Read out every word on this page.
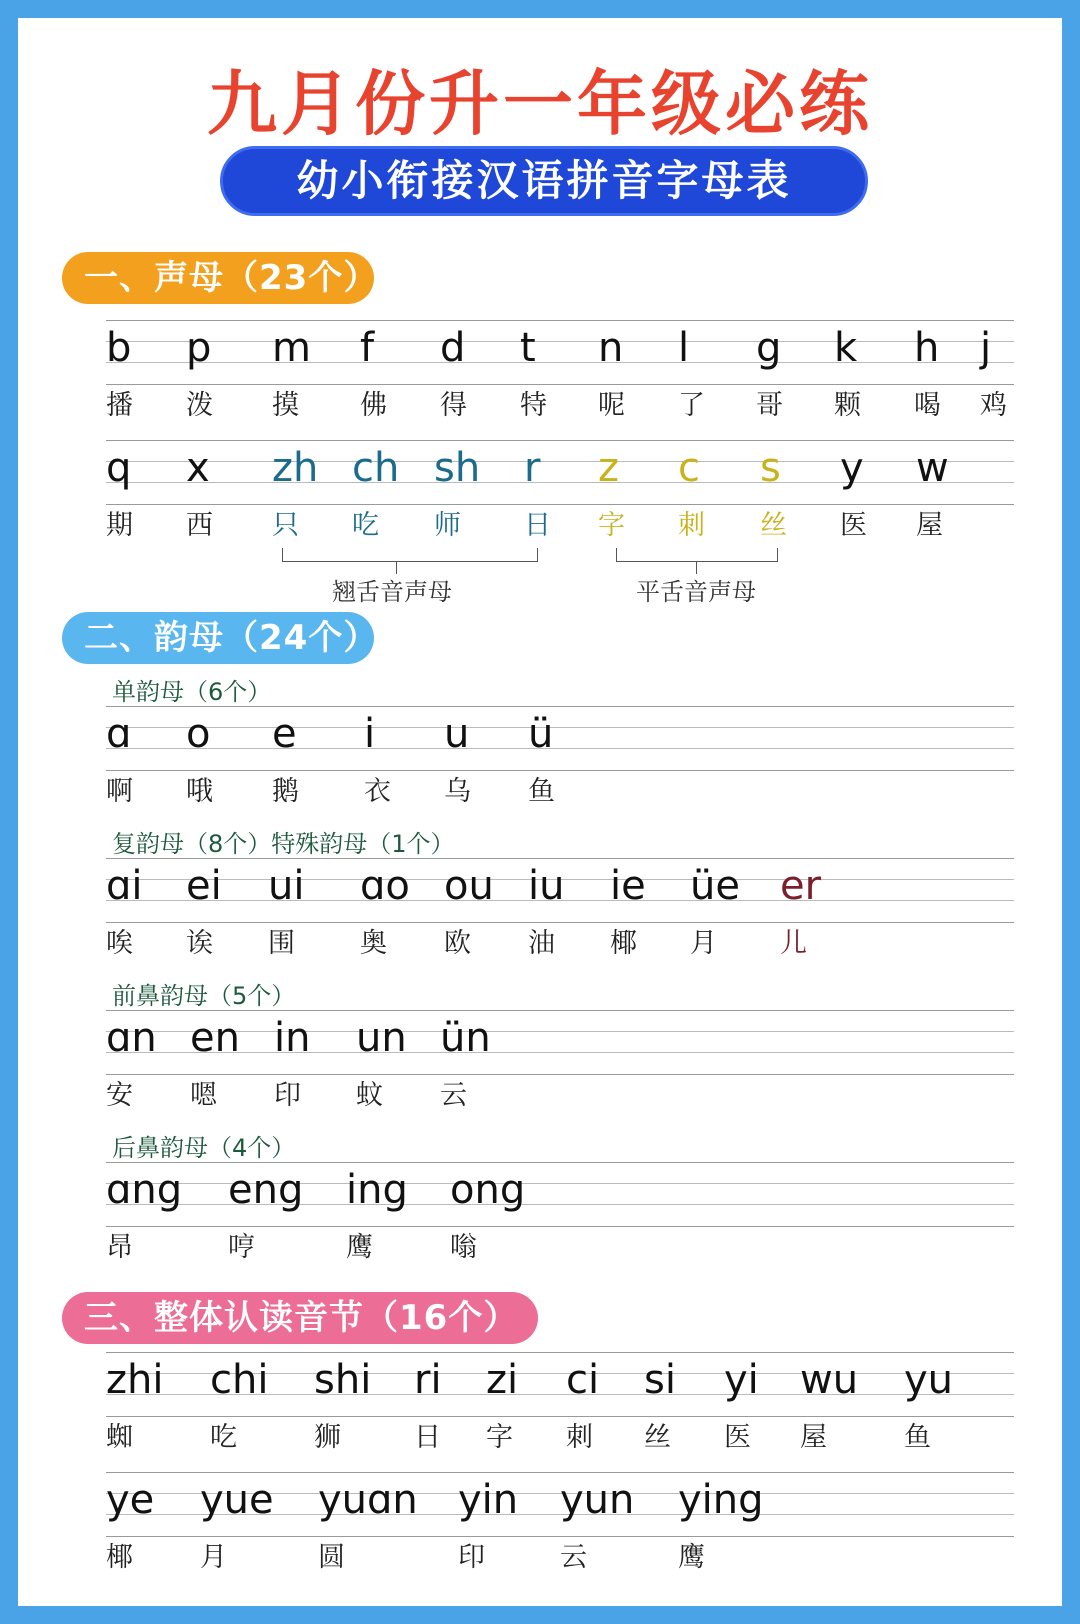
九月份升一年级必练
幼小衔接汉语拼音字母表
一、声母（23个）
b
播
p
泼
m
摸
f
佛
d
得
t
特
n
呢
l
了
g
哥
k
颗
h
喝
j
鸡
q
期
x
西
zh
只
ch
吃
sh
师
r
日
z
字
c
刺
s
丝
y
医
w
屋
翘舌音声母	平舌音声母
二、韵母（24个）
单韵母（6个）
ɑ
啊
o
哦
e
鹅
i
衣
u
乌
ü
鱼
复韵母（8个）特殊韵母（1个）
ɑi
唉
ei
诶
ui
围
ɑo
奥
ou
欧
iu
油
ie
椰
üe
月
er
儿
前鼻韵母（5个）
ɑn
安
en
嗯
in
印
un
蚊
ün
云
后鼻韵母（4个）
ɑng
昂
eng
哼
ing
鹰
ong
嗡
三、整体认读音节（16个）
zhi
蜘
chi
吃
shi
狮
ri
日
zi
字
ci
刺
si
丝
yi
医
wu
屋
yu
鱼
ye
椰
yue
月
yuɑn
圆
yin
印
yun
云
ying
鹰
